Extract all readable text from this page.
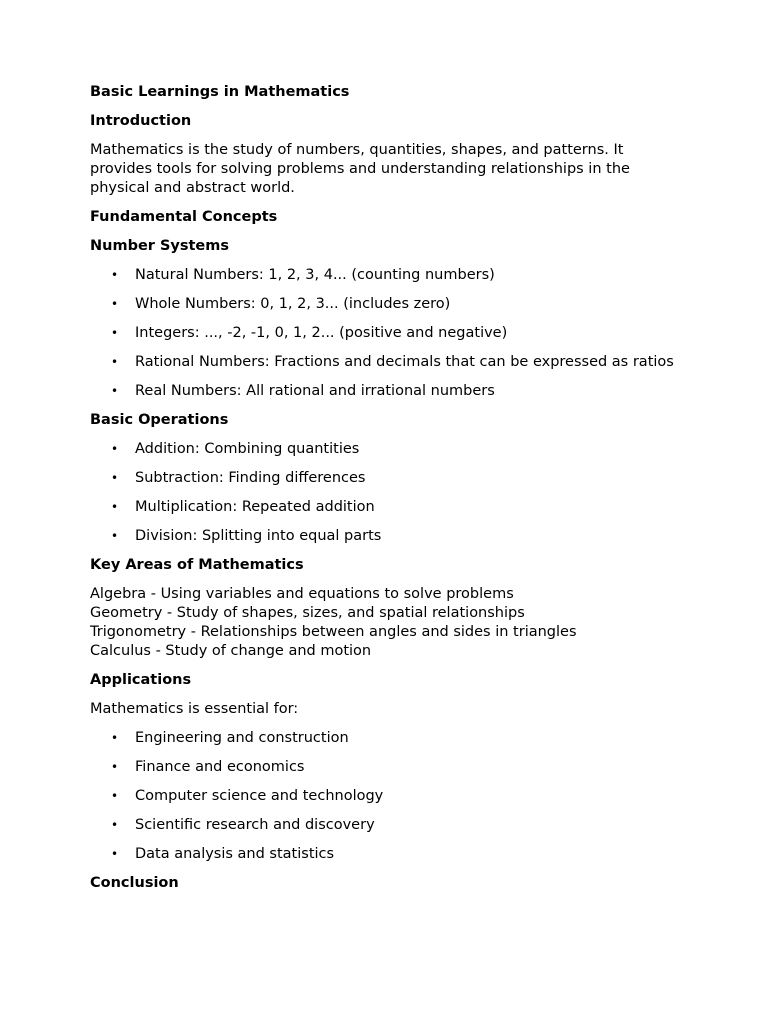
Basic Learnings in Mathematics
Introduction
Mathematics is the study of numbers, quantities, shapes, and patterns. It provides tools for solving problems and understanding relationships in the physical and abstract world.
Fundamental Concepts
Number Systems
• Natural Numbers: 1, 2, 3, 4... (counting numbers)
• Whole Numbers: 0, 1, 2, 3... (includes zero)
• Integers: ..., -2, -1, 0, 1, 2... (positive and negative)
• Rational Numbers: Fractions and decimals that can be expressed as ratios
• Real Numbers: All rational and irrational numbers
Basic Operations
• Addition: Combining quantities
• Subtraction: Finding differences
• Multiplication: Repeated addition
• Division: Splitting into equal parts
Key Areas of Mathematics
Algebra - Using variables and equations to solve problems
Geometry - Study of shapes, sizes, and spatial relationships
Trigonometry - Relationships between angles and sides in triangles
Calculus - Study of change and motion
Applications
Mathematics is essential for:
• Engineering and construction
• Finance and economics
• Computer science and technology
• Scientific research and discovery
• Data analysis and statistics
Conclusion
